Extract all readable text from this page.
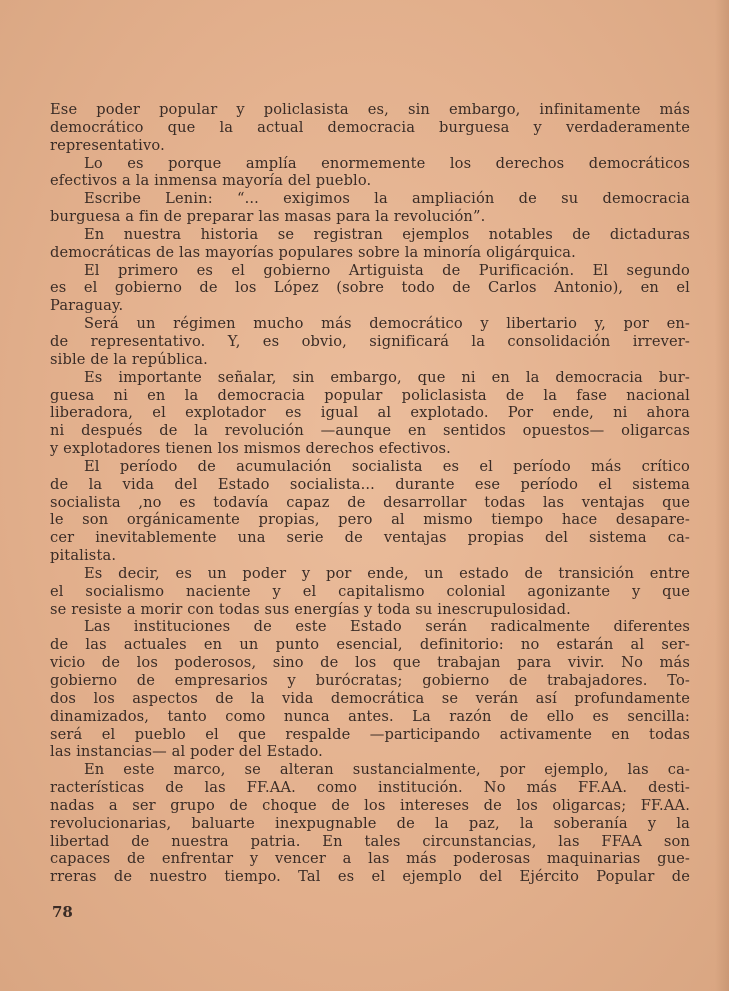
Ese poder popular y policlasista es, sin embargo, infinitamente más
democrático que la actual democracia burguesa y verdaderamente
representativo.
Lo es porque amplía enormemente los derechos democráticos
efectivos a la inmensa mayoría del pueblo.
Escribe Lenin: “... exigimos la ampliación de su democracia
burguesa a fin de preparar las masas para la revolución”.
En nuestra historia se registran ejemplos notables de dictaduras
democráticas de las mayorías populares sobre la minoría oligárquica.
El primero es el gobierno Artiguista de Purificación. El segundo
es el gobierno de los López (sobre todo de Carlos Antonio), en el
Paraguay.
Será un régimen mucho más democrático y libertario y, por en-
de representativo. Y, es obvio, significará la consolidación irrever-
sible de la república.
Es importante señalar, sin embargo, que ni en la democracia bur-
guesa ni en la democracia popular policlasista de la fase nacional
liberadora, el explotador es igual al explotado. Por ende, ni ahora
ni después de la revolución —aunque en sentidos opuestos— oligarcas
y explotadores tienen los mismos derechos efectivos.
El período de acumulación socialista es el período más crítico
de la vida del Estado socialista... durante ese período el sistema
socialista ,no es todavía capaz de desarrollar todas las ventajas que
le son orgánicamente propias, pero al mismo tiempo hace desaparе-
cer inevitablemente una serie de ventajas propias del sistema ca-
pitalista.
Es decir, es un poder y por ende, un estado de transición entre
el socialismo naciente y el capitalismo colonial agonizante y que
se resiste a morir con todas sus energías y toda su inescrupulosidad.
Las instituciones de este Estado serán radicalmente diferentes
de las actuales en un punto esencial, definitorio: no estarán al ser-
vicio de los poderosos, sino de los que trabajan para vivir. No más
gobierno de empresarios y burócratas; gobierno de trabajadores. To-
dos los aspectos de la vida democrática se verán así profundamente
dinamizados, tanto como nunca antes. La razón de ello es sencilla:
será el pueblo el que respalde —participando activamente en todas
las instancias— al poder del Estado.
En este marco, se alteran sustancialmente, por ejemplo, las ca-
racterísticas de las FF.AA. como institución. No más FF.AA. desti-
nadas a ser grupo de choque de los intereses de los oligarcas; FF.AA.
revolucionarias, baluarte inexpugnable de la paz, la soberanía y la
libertad de nuestra patria. En tales circunstancias, las FFAA son
capaces de enfrentar y vencer a las más poderosas maquinarias gue-
rreras de nuestro tiempo. Tal es el ejemplo del Ejército Popular de
78
